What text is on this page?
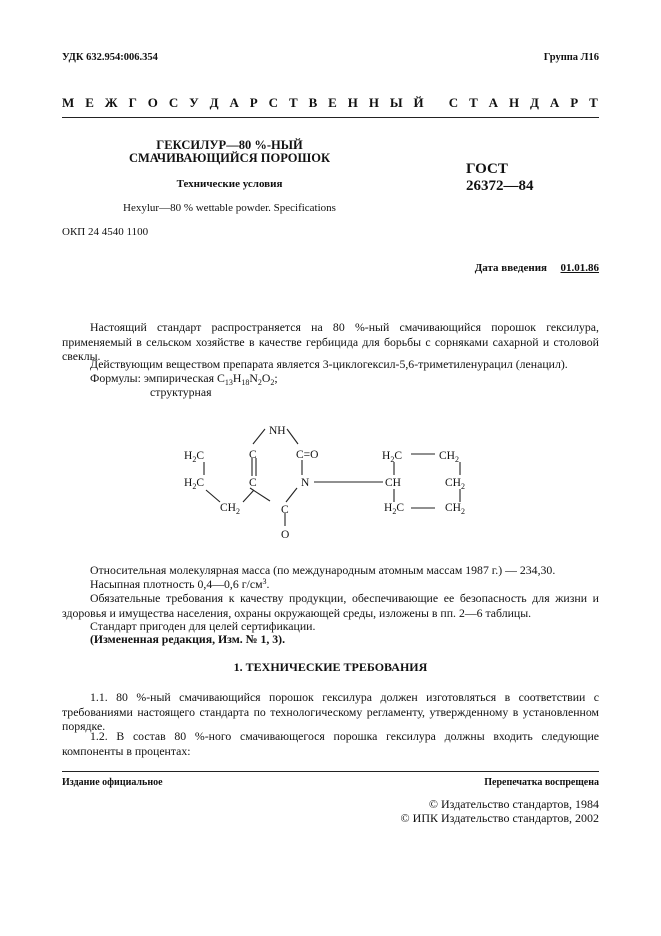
УДК 632.954:006.354	Группа Л16
М Е Ж Г О С У Д А Р С Т В Е Н Н Ы Й
С Т А Н Д А Р Т
ГЕКСИЛУР—80 %-НЫЙ
СМАЧИВАЮЩИЙСЯ ПОРОШОК
Технические условия
Hexylur—80 % wettable powder. Specifications
ОКП 24 4540 1100
ГОСТ
26372—84
Дата введения 01.01.86
Настоящий стандарт распространяется на 80 %-ный смачивающийся порошок гексилура, применяемый в сельском хозяйстве в качестве гербицида для борьбы с сорняками сахарной и столовой свеклы.
Действующим веществом препарата является 3-циклогексил-5,6-триметиленурацил (ленацил).
Формулы: эмпирическая $C_{13}H_{18}N_2O_2$;
структурная
NH
C=O
N
C
C
C
O
$H_2C$
$H_2C$
$CH_2$
CH
$H_2C$	$CH_2$
$CH_2$
$H_2C$	$CH_2$
Относительная молекулярная масса (по международным атомным массам 1987 г.) — 234,30.
Насыпная плотность 0,4—0,6 $г/см^3$.
Обязательные требования к качеству продукции, обеспечивающие ее безопасность для жизни и здоровья и имущества населения, охраны окружающей среды, изложены в пп. 2—6 таблицы.
Стандарт пригоден для целей сертификации.
(Измененная редакция, Изм. № 1, 3).
1. ТЕХНИЧЕСКИЕ ТРЕБОВАНИЯ
1.1. 80 %-ный смачивающийся порошок гексилура должен изготовляться в соответствии с требованиями настоящего стандарта по технологическому регламенту, утвержденному в установленном порядке.
1.2. В состав 80 %-ного смачивающегося порошка гексилура должны входить следующие компоненты в процентах:
Издание официальное	Перепечатка воспрещена
© Издательство стандартов, 1984
© ИПК Издательство стандартов, 2002
